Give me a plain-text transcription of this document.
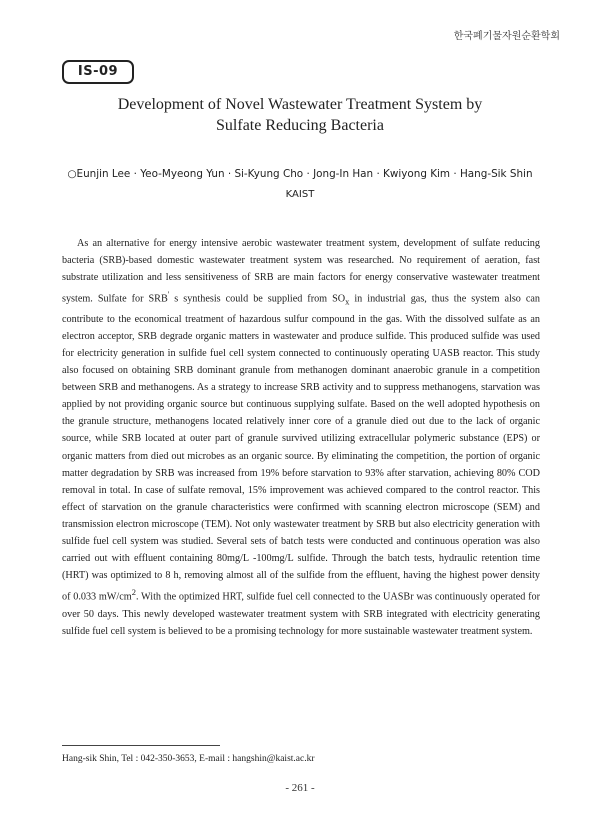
한국폐기물자원순환학회
IS-09
Development of Novel Wastewater Treatment System by
Sulfate Reducing Bacteria
○Eunjin Lee · Yeo-Myeong Yun · Si-Kyung Cho · Jong-In Han · Kwiyong Kim · Hang-Sik Shin
KAIST

As an alternative for energy intensive aerobic wastewater treatment system, development of sulfate reducing bacteria (SRB)-based domestic wastewater treatment system was researched. No requirement of aeration, fast substrate utilization and less sensitiveness of SRB are main factors for energy conservative wastewater treatment system. Sulfate for SRB' s synthesis could be supplied from $SO_x$ in industrial gas, thus the system also can contribute to the economical treatment of hazardous sulfur compound in the gas. With the dissolved sulfate as an electron acceptor, SRB degrade organic matters in wastewater and produce sulfide. This produced sulfide was used for electricity generation in sulfide fuel cell system connected to continuously operating UASB reactor. This study also focused on obtaining SRB dominant granule from methanogen dominant anaerobic granule in a competition between SRB and methanogens. As a strategy to increase SRB activity and to suppress methanogens, starvation was applied by not providing organic source but continuous supplying sulfate. Based on the well adopted hypothesis on the granule structure, methanogens located relatively inner core of a granule died out due to the lack of organic source, while SRB located at outer part of granule survived utilizing extracellular polymeric substance (EPS) or organic matters from died out microbes as an organic source. By eliminating the competition, the portion of organic matter degradation by SRB was increased from 19% before starvation to 93% after starvation, achieving 80% COD removal in total. In case of sulfate removal, 15% improvement was achieved compared to the control reactor. This effect of starvation on the granule characteristics were confirmed with scanning electron microscope (SEM) and transmission electron microscope (TEM). Not only wastewater treatment by SRB but also electricity generation with sulfide fuel cell system was studied. Several sets of batch tests were conducted and continuous operation was also carried out with effluent containing 80mg/L -100mg/L sulfide. Through the batch tests, hydraulic retention time (HRT) was optimized to 8 h, removing almost all of the sulfide from the effluent, having the highest power density of 0.033 $mW/cm^2$. With the optimized HRT, sulfide fuel cell connected to the UASBr was continuously operated for over 50 days. This newly developed wastewater treatment system with SRB integrated with electricity generating sulfide fuel cell system is believed to be a promising technology for more sustainable wastewater treatment system.

Hang-sik Shin, Tel : 042-350-3653, E-mail : hangshin@kaist.ac.kr
- 261 -
